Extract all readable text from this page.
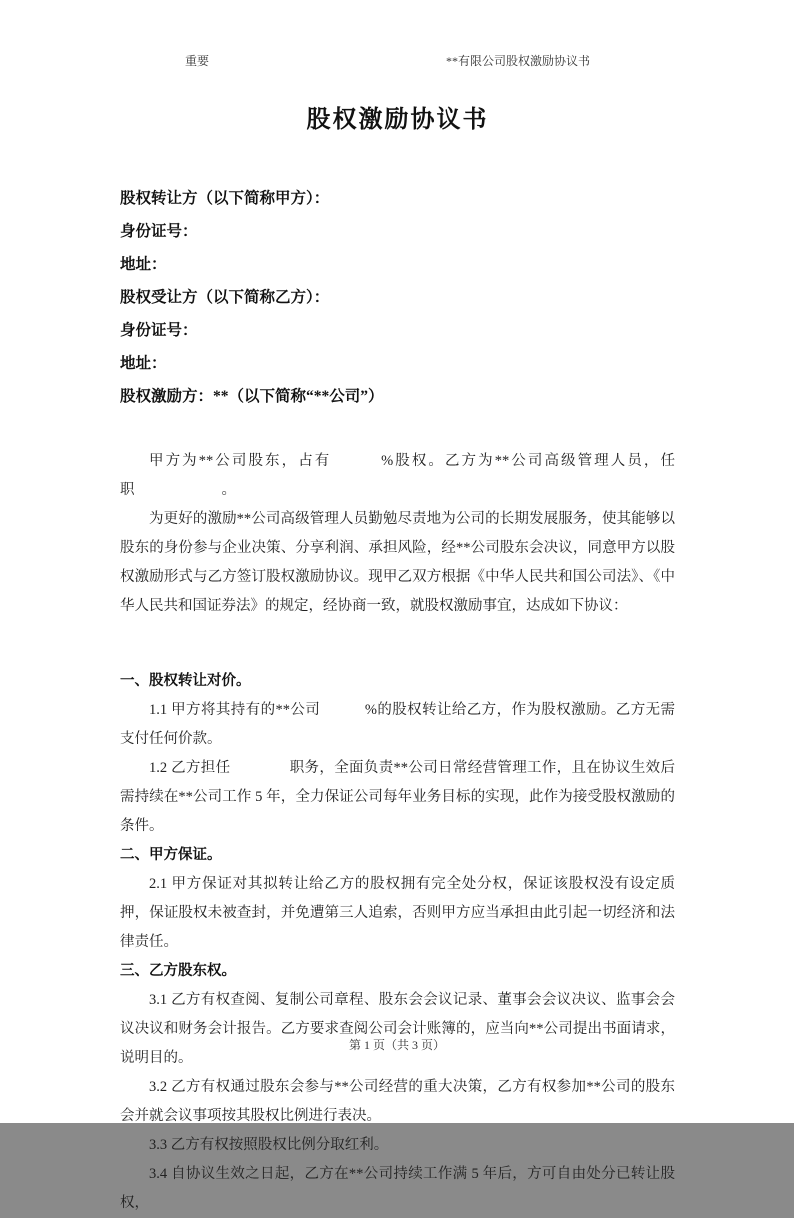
重要	**有限公司股权激励协议书
股权激励协议书

股权转让方（以下简称甲方）：

身份证号：

地址：

股权受让方（以下简称乙方）：

身份证号：

地址：

股权激励方：**（以下简称“**公司”）

甲方为**公司股东，占有　　　%股权。乙方为**公司高级管理人员，任职　　　　　　。

为更好的激励**公司高级管理人员勤勉尽责地为公司的长期发展服务，使其能够以股东的身份参与企业决策、分享利润、承担风险，经**公司股东会决议，同意甲方以股权激励形式与乙方签订股权激励协议。现甲乙双方根据《中华人民共和国公司法》、《中华人民共和国证券法》的规定，经协商一致，就股权激励事宜，达成如下协议：

一、股权转让对价。

1.1 甲方将其持有的**公司　　　%的股权转让给乙方，作为股权激励。乙方无需支付任何价款。

1.2 乙方担任　　　　职务，全面负责**公司日常经营管理工作，且在协议生效后需持续在**公司工作 5 年，全力保证公司每年业务目标的实现，此作为接受股权激励的条件。

二、甲方保证。

2.1 甲方保证对其拟转让给乙方的股权拥有完全处分权，保证该股权没有设定质押，保证股权未被查封，并免遭第三人追索，否则甲方应当承担由此引起一切经济和法律责任。

三、乙方股东权。

3.1 乙方有权查阅、复制公司章程、股东会会议记录、董事会会议决议、监事会会议决议和财务会计报告。乙方要求查阅公司会计账簿的，应当向**公司提出书面请求，说明目的。

3.2 乙方有权通过股东会参与**公司经营的重大决策，乙方有权参加**公司的股东会并就会议事项按其股权比例进行表决。

3.3 乙方有权按照股权比例分取红利。

3.4 自协议生效之日起，乙方在**公司持续工作满 5 年后，方可自由处分已转让股权，

第 1 页（共 3 页）
